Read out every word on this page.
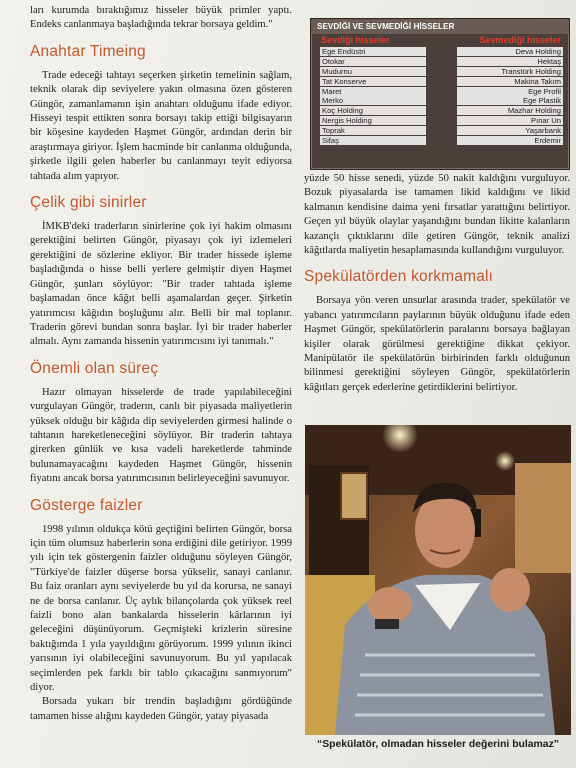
ları kurumda bıraktığımız hisseler büyük primler yaptı. Endeks canlanmaya başladığında tekrar borsaya geldim."

Anahtar Timeing

Trade edeceği tahtayı seçerken şirketin temelinin sağlam, teknik olarak dip seviyelere yakın olmasına özen gösteren Güngör, zamanlamanın işin anahtarı olduğunu ifade ediyor. Hisseyi tespit ettikten sonra borsayı takip ettiği bilgisayarın bir köşesine kaydeden Haşmet Güngör, ardından derin bir araştırmaya giriyor. İşlem hacminde bir canlanma olduğunda, şirketle ilgili gelen haberler bu canlanmayı teyit ediyorsa tahtada alım yapıyor.

Çelik gibi sinirler

İMKB'deki traderların sinirlerine çok iyi hakim olmasını gerektiğini belirten Güngör, piyasayı çok iyi izlemeleri gerektiğini de sözlerine ekliyor. Bir trader hissede işleme başladığında o hisse belli yerlere gelmiştir diyen Haşmet Güngör, şunları söylüyor: "Bir trader tahtada işleme başlamadan önce kâğıt belli aşamalardan geçer. Şirketin yatırımcısı kâğıdın boşluğunu alır. Belli bir mal toplanır. Traderin görevi bundan sonra başlar. İyi bir trader haberler almalı. Aynı zamanda hissenin yatırımcısını iyi tanımalı."

Önemli olan süreç

Hazır olmayan hisselerde de trade yapılabileceğini vurgulayan Güngör, traderın, canlı bir piyasada maliyetlerin yüksek olduğu bir kâğıda dip seviyelerden girmesi halinde o tahtanın hareketleneceğini söylüyor. Bir traderin tahtaya girerken günlük ve kısa vadeli hareketlerde tahminde bulunamayacağını kaydeden Haşmet Güngör, hissenin fiyatını ancak borsa yatırımcısının belirleyeceğini savunuyor.

Gösterge faizler

1998 yılının oldukça kötü geçtiğini belirten Güngör, borsa için tüm olumsuz haberlerin sona erdiğini dile getiriyor. 1999 yılı için tek göstergenin faizler olduğunu söyleyen Güngör, "Türkiye'de faizler düşerse borsa yükselir, sanayi canlanır. Bu faiz oranları aynı seviyelerde bu yıl da korursa, ne sanayi ne de borsa canlanır. Üç aylık bilançolarda çok yüksek reel faizli bono alan bankalarda hisselerin kârlarının iyi geleceğini düşünüyorum. Geçmişteki krizlerin süresine baktığımda 1 yıla yayıldığını görüyorum. 1999 yılının ikinci yarısının iyi olabileceğini savunuyorum. Bu yıl yapılacak seçimlerden pek farklı bir tablo çıkacağını sanmıyorum" diyor.

Borsada yukarı bir trendin başladığını gördüğünde tamamen hisse alığını kaydeden Güngör, yatay piyasada

SEVDİĞİ VE SEVMEDİĞİ HİSSELER
Sevdiği hisseler	Sevmediği hisseler
Ege Endüstri	Deva Holding
Otokar	Hektaş
Mudurnu	Transtürk Holding
Tat Konserve	Makina Takım
Maret	Ege Profil
Merko	Ege Plastik
Koç Holding	Mazhar Holding
Nergis Holding	Pınar Un
Toprak	Yaşarbank
Sifaş	Erdemir

yüzde 50 hisse senedi, yüzde 50 nakit kaldığını vurguluyor. Bozuk piyasalarda ise tamamen likid kaldığını ve likid kalmanın kendisine daima yeni fırsatlar yarattığını belirtiyor. Geçen yıl büyük olaylar yaşandığını bundan likitte kalanların kazançlı çıktıklarını dile getiren Güngör, teknik analizi kâğıtlarda maliyetin hesaplamasında kullandığını vurguluyor.

Spekülatörden korkmamalı

Borsaya yön veren unsurlar arasında trader, spekülatör ve yabancı yatırımcıların paylarının büyük olduğunu ifade eden Haşmet Güngör, spekülatörlerin paralarını borsaya bağlayan kişiler olarak görülmesi gerektiğine dikkat çekiyor. Manipülatör ile spekülatörün birbirinden farklı olduğunun bilinmesi gerektiğini söyleyen Güngör, spekülatörlerin kâğıtları gerçek ederlerine getirdiklerini belirtiyor.

“Spekülatör, olmadan hisseler değerini bulamaz”
